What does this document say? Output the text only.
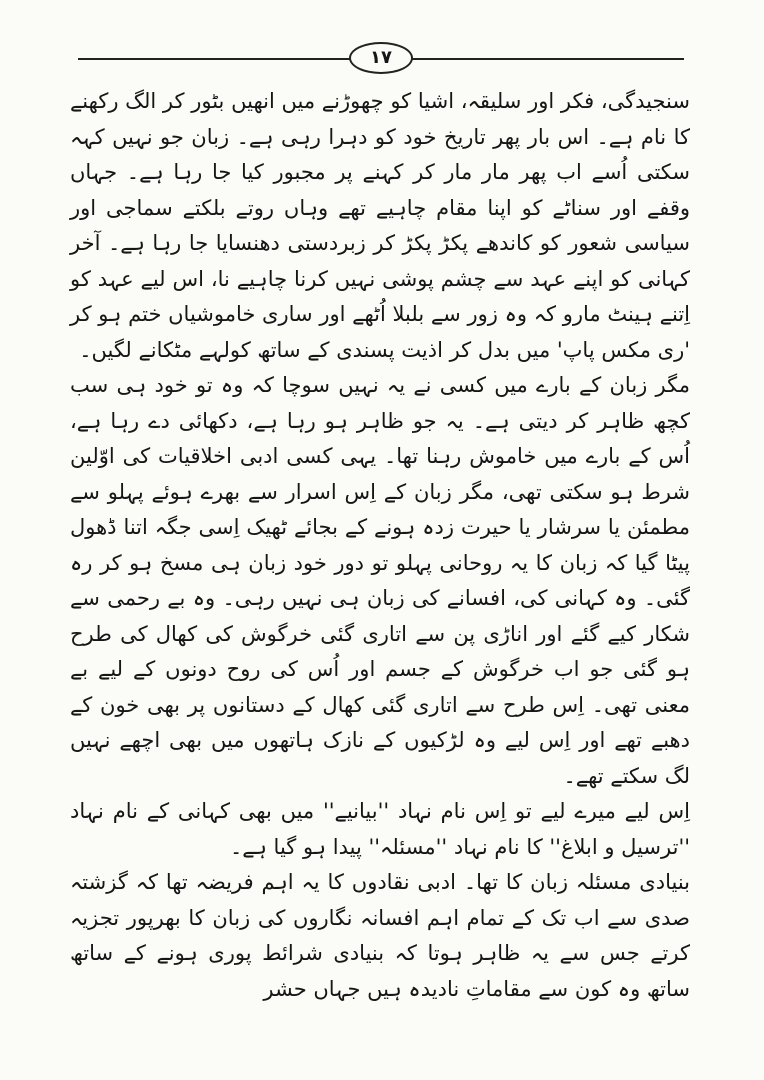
۱۷

سنجیدگی، فکر اور سلیقہ، اشیا کو چھوڑنے میں انھیں بٹور کر الگ رکھنے کا نام ہے۔ اس بار پھر تاریخ خود کو دہرا رہی ہے۔ زبان جو نہیں کہہ سکتی اُسے اب پھر مار مار کر کہنے پر مجبور کیا جا رہا ہے۔ جہاں وقفے اور سناٹے کو اپنا مقام چاہیے تھے وہاں روتے بلکتے سماجی اور سیاسی شعور کو کاندھے پکڑ پکڑ کر زبردستی دھنسایا جا رہا ہے۔ آخر کہانی کو اپنے عہد سے چشم پوشی نہیں کرنا چاہیے نا، اس لیے عہد کو اِتنے ہینٹ مارو کہ وہ زور سے بلبلا اُٹھے اور ساری خاموشیاں ختم ہو کر 'ری مکس پاپ' میں بدل کر اذیت پسندی کے ساتھ کولہے مٹکانے لگیں۔

مگر زبان کے بارے میں کسی نے یہ نہیں سوچا کہ وہ تو خود ہی سب کچھ ظاہر کر دیتی ہے۔ یہ جو ظاہر ہو رہا ہے، دکھائی دے رہا ہے، اُس کے بارے میں خاموش رہنا تھا۔ یہی کسی ادبی اخلاقیات کی اوّلین شرط ہو سکتی تھی، مگر زبان کے اِس اسرار سے بھرے ہوئے پہلو سے مطمئن یا سرشار یا حیرت زدہ ہونے کے بجائے ٹھیک اِسی جگہ اتنا ڈھول پیٹا گیا کہ زبان کا یہ روحانی پہلو تو دور خود زبان ہی مسخ ہو کر رہ گئی۔ وہ کہانی کی، افسانے کی زبان ہی نہیں رہی۔ وہ بے رحمی سے شکار کیے گئے اور اناڑی پن سے اتاری گئی خرگوش کی کھال کی طرح ہو گئی جو اب خرگوش کے جسم اور اُس کی روح دونوں کے لیے بے معنی تھی۔ اِس طرح سے اتاری گئی کھال کے دستانوں پر بھی خون کے دھبے تھے اور اِس لیے وہ لڑکیوں کے نازک ہاتھوں میں بھی اچھے نہیں لگ سکتے تھے۔

اِس لیے میرے لیے تو اِس نام نہاد ''بیانیے'' میں بھی کہانی کے نام نہاد ''ترسیل و ابلاغ'' کا نام نہاد ''مسئلہ'' پیدا ہو گیا ہے۔

بنیادی مسئلہ زبان کا تھا۔ ادبی نقادوں کا یہ اہم فریضہ تھا کہ گزشتہ صدی سے اب تک کے تمام اہم افسانہ نگاروں کی زبان کا بھرپور تجزیہ کرتے جس سے یہ ظاہر ہوتا کہ بنیادی شرائط پوری ہونے کے ساتھ ساتھ وہ کون سے مقاماتِ نادیدہ ہیں جہاں حشر
